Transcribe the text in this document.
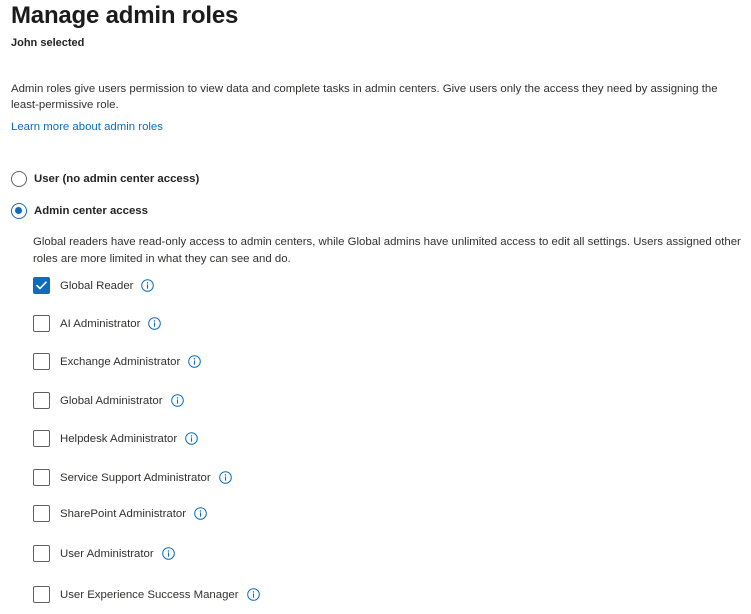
Manage admin roles
John selected
Admin roles give users permission to view data and complete tasks in admin centers. Give users only the access they need by assigning the least-permissive role.
Learn more about admin roles
User (no admin center access)
Admin center access
Global readers have read-only access to admin centers, while Global admins have unlimited access to edit all settings. Users assigned other roles are more limited in what they can see and do.
Global Reader
AI Administrator
Exchange Administrator
Global Administrator
Helpdesk Administrator
Service Support Administrator
SharePoint Administrator
User Administrator
User Experience Success Manager
